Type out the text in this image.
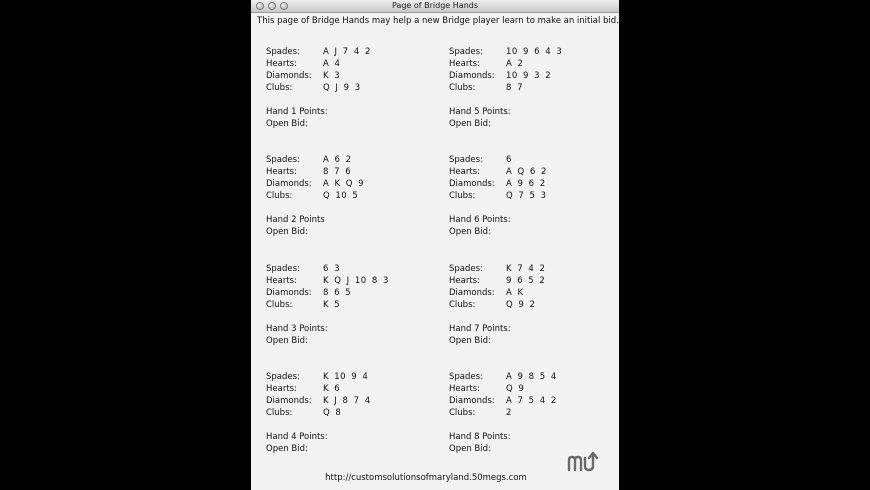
Page of Bridge Hands
This page of Bridge Hands may help a new Bridge player learn to make an initial bid.
Spades:	A J 7 4 2
Hearts:	A 4
Diamonds: K 3
Clubs:	Q J 9 3
Hand 1 Points:
Open Bid:
Spades:	A 6 2
Hearts:	8 7 6
Diamonds: A K Q 9
Clubs:	Q 10 5
Hand 2 Points
Open Bid:
Spades:	6 3
Hearts:	K Q J 10 8 3
Diamonds: 8 6 5
Clubs:	K 5
Hand 3 Points:
Open Bid:
Spades:	K 10 9 4
Hearts:	K 6
Diamonds: K J 8 7 4
Clubs:	Q 8
Hand 4 Points:
Open Bid:
Spades:	10 9 6 4 3
Hearts:	A 2
Diamonds: 10 9 3 2
Clubs:	8 7
Hand 5 Points:
Open Bid:
Spades:	6
Hearts:	A Q 6 2
Diamonds: A 9 6 2
Clubs:	Q 7 5 3
Hand 6 Points:
Open Bid:
Spades:	K 7 4 2
Hearts:	9 6 5 2
Diamonds: A K
Clubs:	Q 9 2
Hand 7 Points:
Open Bid:
Spades:	A 9 8 5 4
Hearts:	Q 9
Diamonds: A 7 5 4 2
Clubs:	2
Hand 8 Points:
Open Bid:
http://customsolutionsofmaryland.50megs.com
